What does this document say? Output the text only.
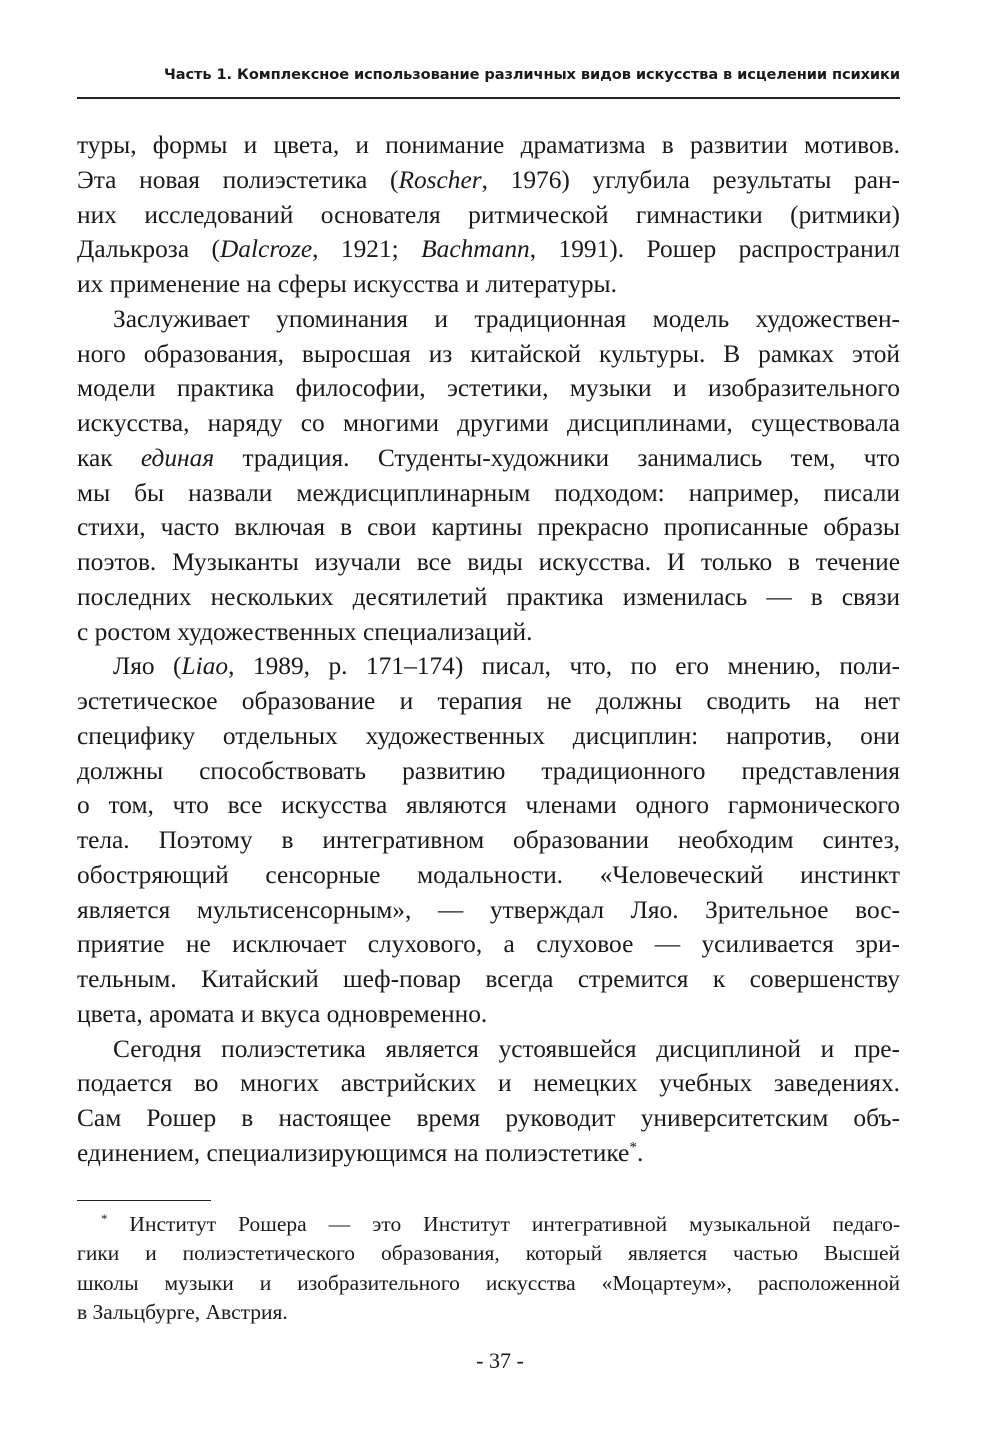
Часть 1. Комплексное использование различных видов искусства в исцелении психики

туры, формы и цвета, и понимание драматизма в развитии мотивов.
Эта новая полиэстетика (Roscher, 1976) углубила результаты ран-
них исследований основателя ритмической гимнастики (ритмики)
Далькроза (Dalcroze, 1921; Bachmann, 1991). Рошер распространил
их применение на сферы искусства и литературы.

Заслуживает упоминания и традиционная модель художествен-
ного образования, выросшая из китайской культуры. В рамках этой
модели практика философии, эстетики, музыки и изобразительного
искусства, наряду со многими другими дисциплинами, существовала
как единая традиция. Студенты-художники занимались тем, что
мы бы назвали междисциплинарным подходом: например, писали
стихи, часто включая в свои картины прекрасно прописанные образы
поэтов. Музыканты изучали все виды искусства. И только в течение
последних нескольких десятилетий практика изменилась — в связи
с ростом художественных специализаций.

Ляо (Liao, 1989, р. 171–174) писал, что, по его мнению, поли-
эстетическое образование и терапия не должны сводить на нет
специфику отдельных художественных дисциплин: напротив, они
должны способствовать развитию традиционного представления
о том, что все искусства являются членами одного гармонического
тела. Поэтому в интегративном образовании необходим синтез,
обостряющий сенсорные модальности. «Человеческий инстинкт
является мультисенсорным», — утверждал Ляо. Зрительное вос-
приятие не исключает слухового, а слуховое — усиливается зри-
тельным. Китайский шеф-повар всегда стремится к совершенству
цвета, аромата и вкуса одновременно.

Сегодня полиэстетика является устоявшейся дисциплиной и пре-
подается во многих австрийских и немецких учебных заведениях.
Сам Рошер в настоящее время руководит университетским объ-
единением, специализирующимся на полиэстетике*.

* Институт Рошера — это Институт интегративной музыкальной педаго-
гики и полиэстетического образования, который является частью Высшей
школы музыки и изобразительного искусства «Моцартеум», расположенной
в Зальцбурге, Австрия.
- 37 -
